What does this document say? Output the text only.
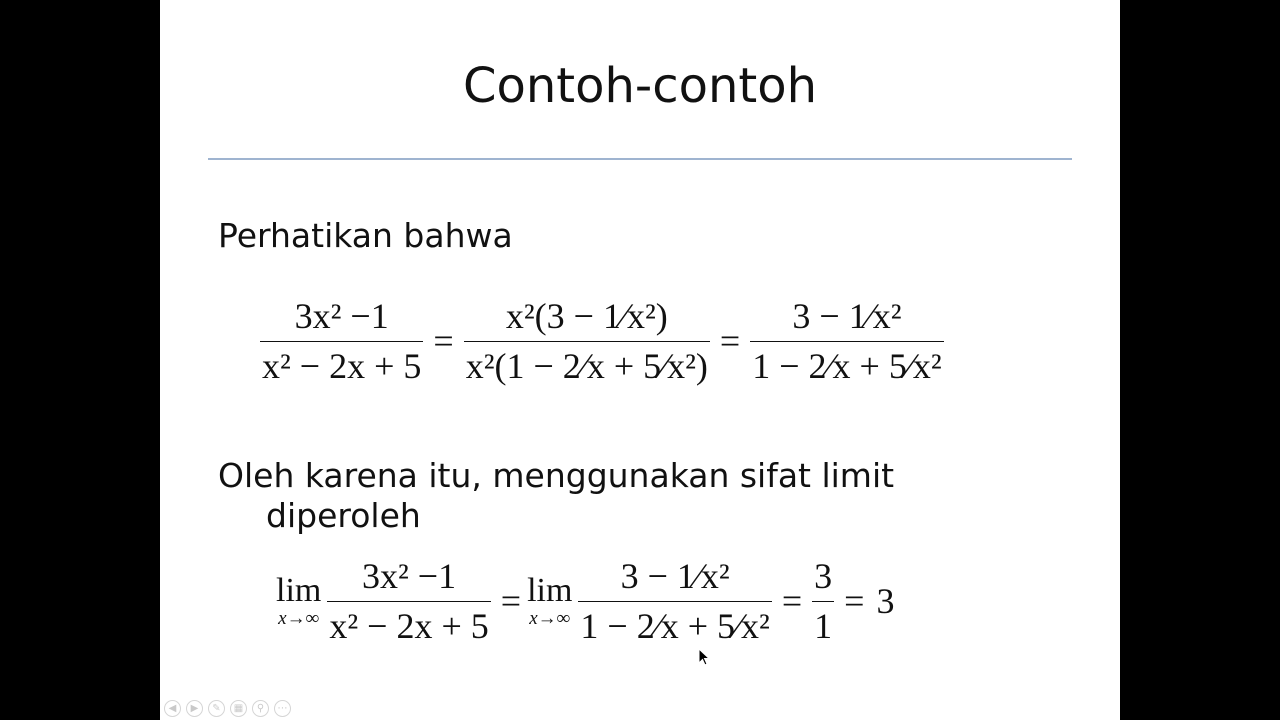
Contoh-contoh
Perhatikan bahwa
$\frac{\text{3x² −1}}{\text{x² − 2x + 5}} = \frac{\text{x²(3 − 1∕x²)}}{\text{x²(1 − 2∕x + 5∕x²)}} = \frac{\text{3 − 1∕x²}}{\text{1 − 2∕x + 5∕x²}}$
Oleh karena itu, menggunakan sifat limit
diperoleh
lim
$x\to\infty \frac{\text{3x² −1}}{\text{x² − 2x + 5}} = \lim$
$x\to\infty \frac{\text{3 − 1∕x²}}{\text{1 − 2∕x + 5∕x²}} = \frac{3}{1} = 3$
◀	▶	✎	▦	⚲	⋯
